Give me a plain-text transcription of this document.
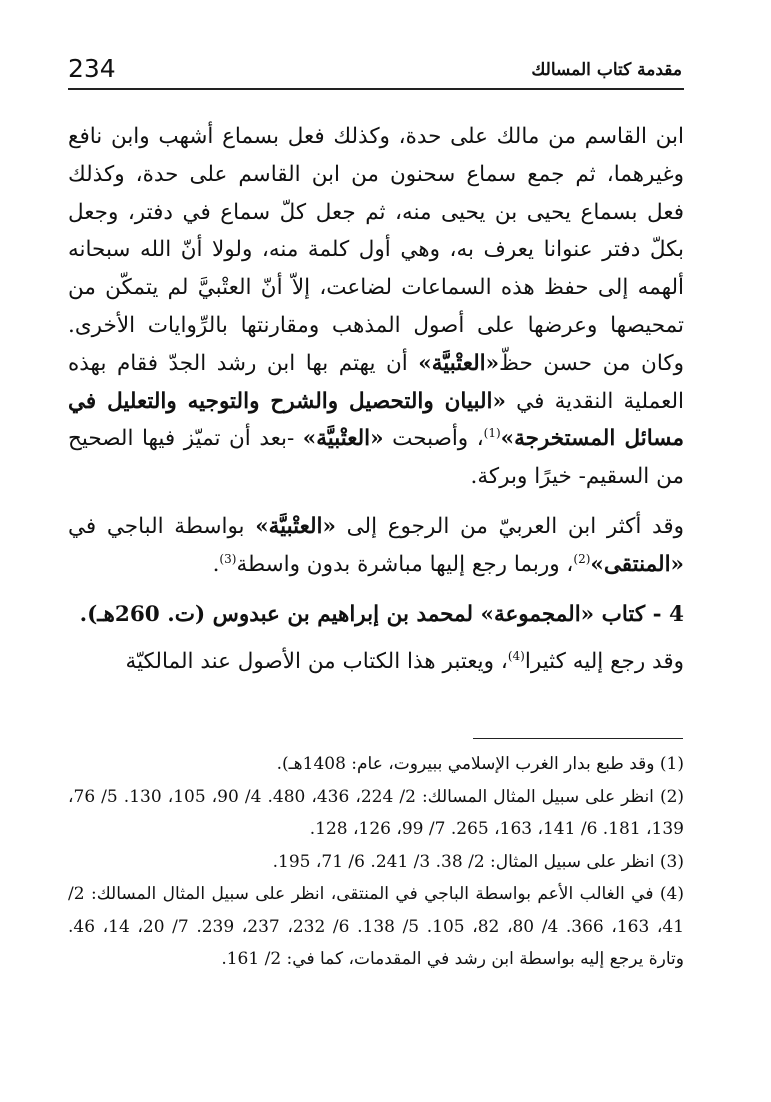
234	مقدمة كتاب المسالك

ابن القاسم من مالك على حدة، وكذلك فعل بسماع أشهب وابن نافع وغيرهما، ثم جمع سماع سحنون من ابن القاسم على حدة، وكذلك فعل بسماع يحيى بن يحيى منه، ثم جعل كلّ سماع في دفتر، وجعل بكلّ دفتر عنوانا يعرف به، وهي أول كلمة منه، ولولا أنّ الله سبحانه ألهمه إلى حفظ هذه السماعات لضاعت، إلاّ أنّ العتْبيَّ لم يتمكّن من تمحيصها وعرضها على أصول المذهب ومقارنتها بالرِّوايات الأخرى. وكان من حسن حظّ«العتْبيَّة» أن يهتم بها ابن رشد الجدّ فقام بهذه العملية النقدية في «البيان والتحصيل والشرح والتوجيه والتعليل في مسائل المستخرجة»$^{(1)}$، وأصبحت «العتْبيَّة» -بعد أن تميّز فيها الصحيح من السقيم- خيرًا وبركة.

وقد أكثر ابن العربيّ من الرجوع إلى «العتْبيَّة» بواسطة الباجي في «المنتقى»$^{(2)}$، وربما رجع إليها مباشرة بدون واسطة$^{(3)}$.

4 - كتاب «المجموعة» لمحمد بن إبراهيم بن عبدوس (ت. 260هـ).

وقد رجع إليه كثيرا$^{(4)}$، ويعتبر هذا الكتاب من الأصول عند المالكيّة

(1) وقد طبع بدار الغرب الإسلامي ببيروت، عام: 1408هـ).

(2) انظر على سبيل المثال المسالك: 2/ 224، 436، 480. 4/ 90، 105، 130. 5/ 76، 139، 181. 6/ 141، 163، 265. 7/ 99، 126، 128.

(3) انظر على سبيل المثال: 2/ 38. 3/ 241. 6/ 71، 195.

(4) في الغالب الأعم بواسطة الباجي في المنتقى، انظر على سبيل المثال المسالك: 2/ 41، 163، 366. 4/ 80، 82، 105. 5/ 138. 6/ 232، 237، 239. 7/ 20، 14، 46. وتارة يرجع إليه بواسطة ابن رشد في المقدمات، كما في: 2/ 161.
